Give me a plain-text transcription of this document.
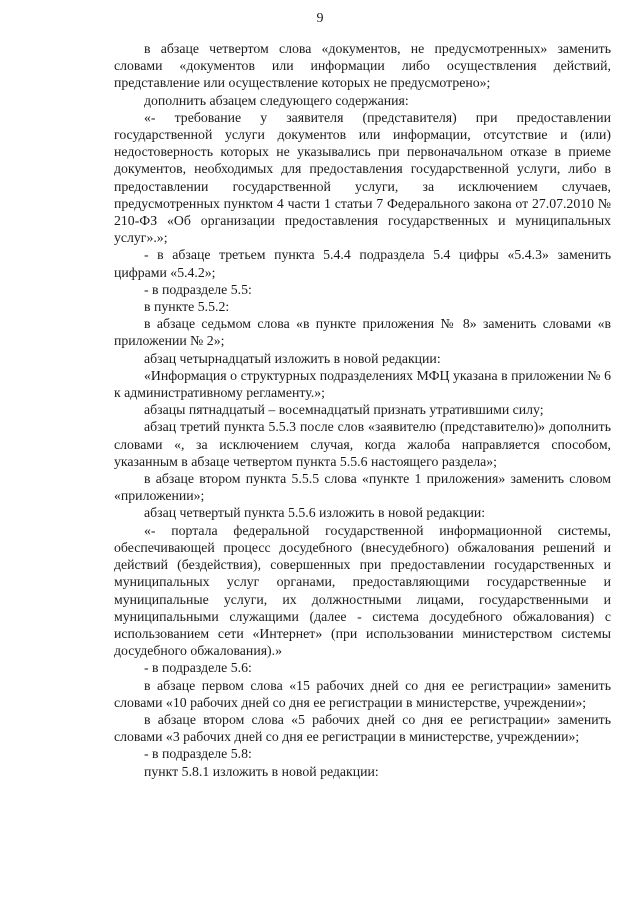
9

в абзаце четвертом слова «документов, не предусмотренных» заменить словами «документов или информации либо осуществления действий, представление или осуществление которых не предусмотрено»;

дополнить абзацем следующего содержания:

«- требование у заявителя (представителя) при предоставлении государственной услуги документов или информации, отсутствие и (или) недостоверность которых не указывались при первоначальном отказе в приеме документов, необходимых для предоставления государственной услуги, либо в предоставлении государственной услуги, за исключением случаев, предусмотренных пунктом 4 части 1 статьи 7 Федерального закона от 27.07.2010 № 210-ФЗ «Об организации предоставления государственных и муниципальных услуг».»;

- в абзаце третьем пункта 5.4.4 подраздела 5.4 цифры «5.4.3» заменить цифрами «5.4.2»;

- в подразделе 5.5:

в пункте 5.5.2:

в абзаце седьмом слова «в пункте приложения № 8» заменить словами «в приложении № 2»;

абзац четырнадцатый изложить в новой редакции:

«Информация о структурных подразделениях МФЦ указана в приложении № 6 к административному регламенту.»;

абзацы пятнадцатый – восемнадцатый признать утратившими силу;

абзац третий пункта 5.5.3 после слов «заявителю (представителю)» дополнить словами «, за исключением случая, когда жалоба направляется способом, указанным в абзаце четвертом пункта 5.5.6 настоящего раздела»;

в абзаце втором пункта 5.5.5 слова «пункте 1 приложения» заменить словом «приложении»;

абзац четвертый пункта 5.5.6 изложить в новой редакции:

«- портала федеральной государственной информационной системы, обеспечивающей процесс досудебного (внесудебного) обжалования решений и действий (бездействия), совершенных при предоставлении государственных и муниципальных услуг органами, предоставляющими государственные и муниципальные услуги, их должностными лицами, государственными и муниципальными служащими (далее - система досудебного обжалования) с использованием сети «Интернет» (при использовании министерством системы досудебного обжалования).»

- в подразделе 5.6:

в абзаце первом слова «15 рабочих дней со дня ее регистрации» заменить словами «10 рабочих дней со дня ее регистрации в министерстве, учреждении»;

в абзаце втором слова «5 рабочих дней со дня ее регистрации» заменить словами «3 рабочих дней со дня ее регистрации в министерстве, учреждении»;

- в подразделе 5.8:

пункт 5.8.1 изложить в новой редакции:
